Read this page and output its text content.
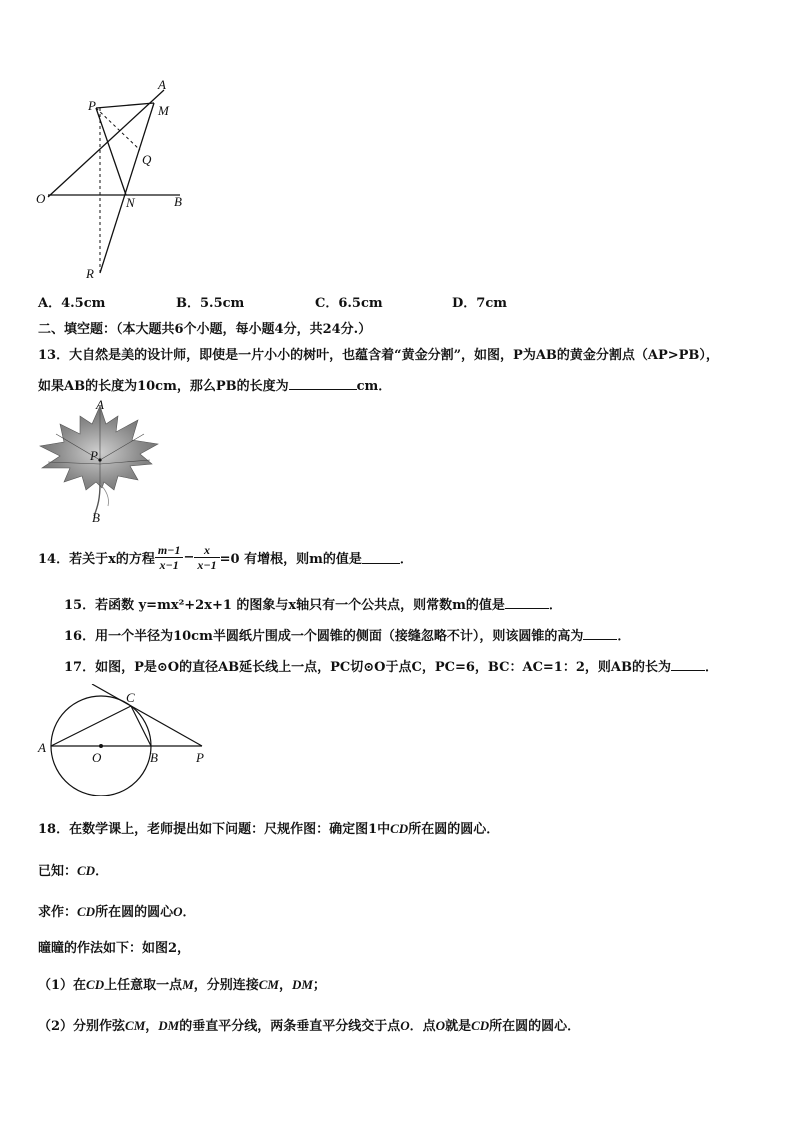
A
M
P
Q
O	N	B
R
A．4.5cm	B．5.5cm	C．6.5cm	D．7cm
二、填空题：（本大题共6个小题，每小题4分，共24分.）
13．大自然是美的设计师，即使是一片小小的树叶，也蕴含着“黄金分割”，如图，P为AB的黄金分割点（AP>PB），
如果AB的长度为10cm，那么PB的长度为	cm．
A
P
B
14．若关于x的方程 $\frac{m-1}{x-1} - \frac{x}{x-1} =0$ 有增根，则m的值是	．
15．若函数 y=mx²+2x+1 的图象与x轴只有一个公共点，则常数m的值是	．
16．用一个半径为10cm半圆纸片围成一个圆锥的侧面（接缝忽略不计），则该圆锥的高为	．
17．如图，P是⊙O的直径AB延长线上一点，PC切⊙O于点C，PC=6，BC：AC=1：2，则AB的长为	．
A
C
O	B	P
18．在数学课上，老师提出如下问题：尺规作图：确定图1中CD所在圆的圆心．
已知：CD．
求作：CD所在圆的圆心O．
曈曈的作法如下：如图2，
（1）在CD上任意取一点M，分别连接CM，DM；
（2）分别作弦CM，DM的垂直平分线，两条垂直平分线交于点O．点O就是CD所在圆的圆心．
